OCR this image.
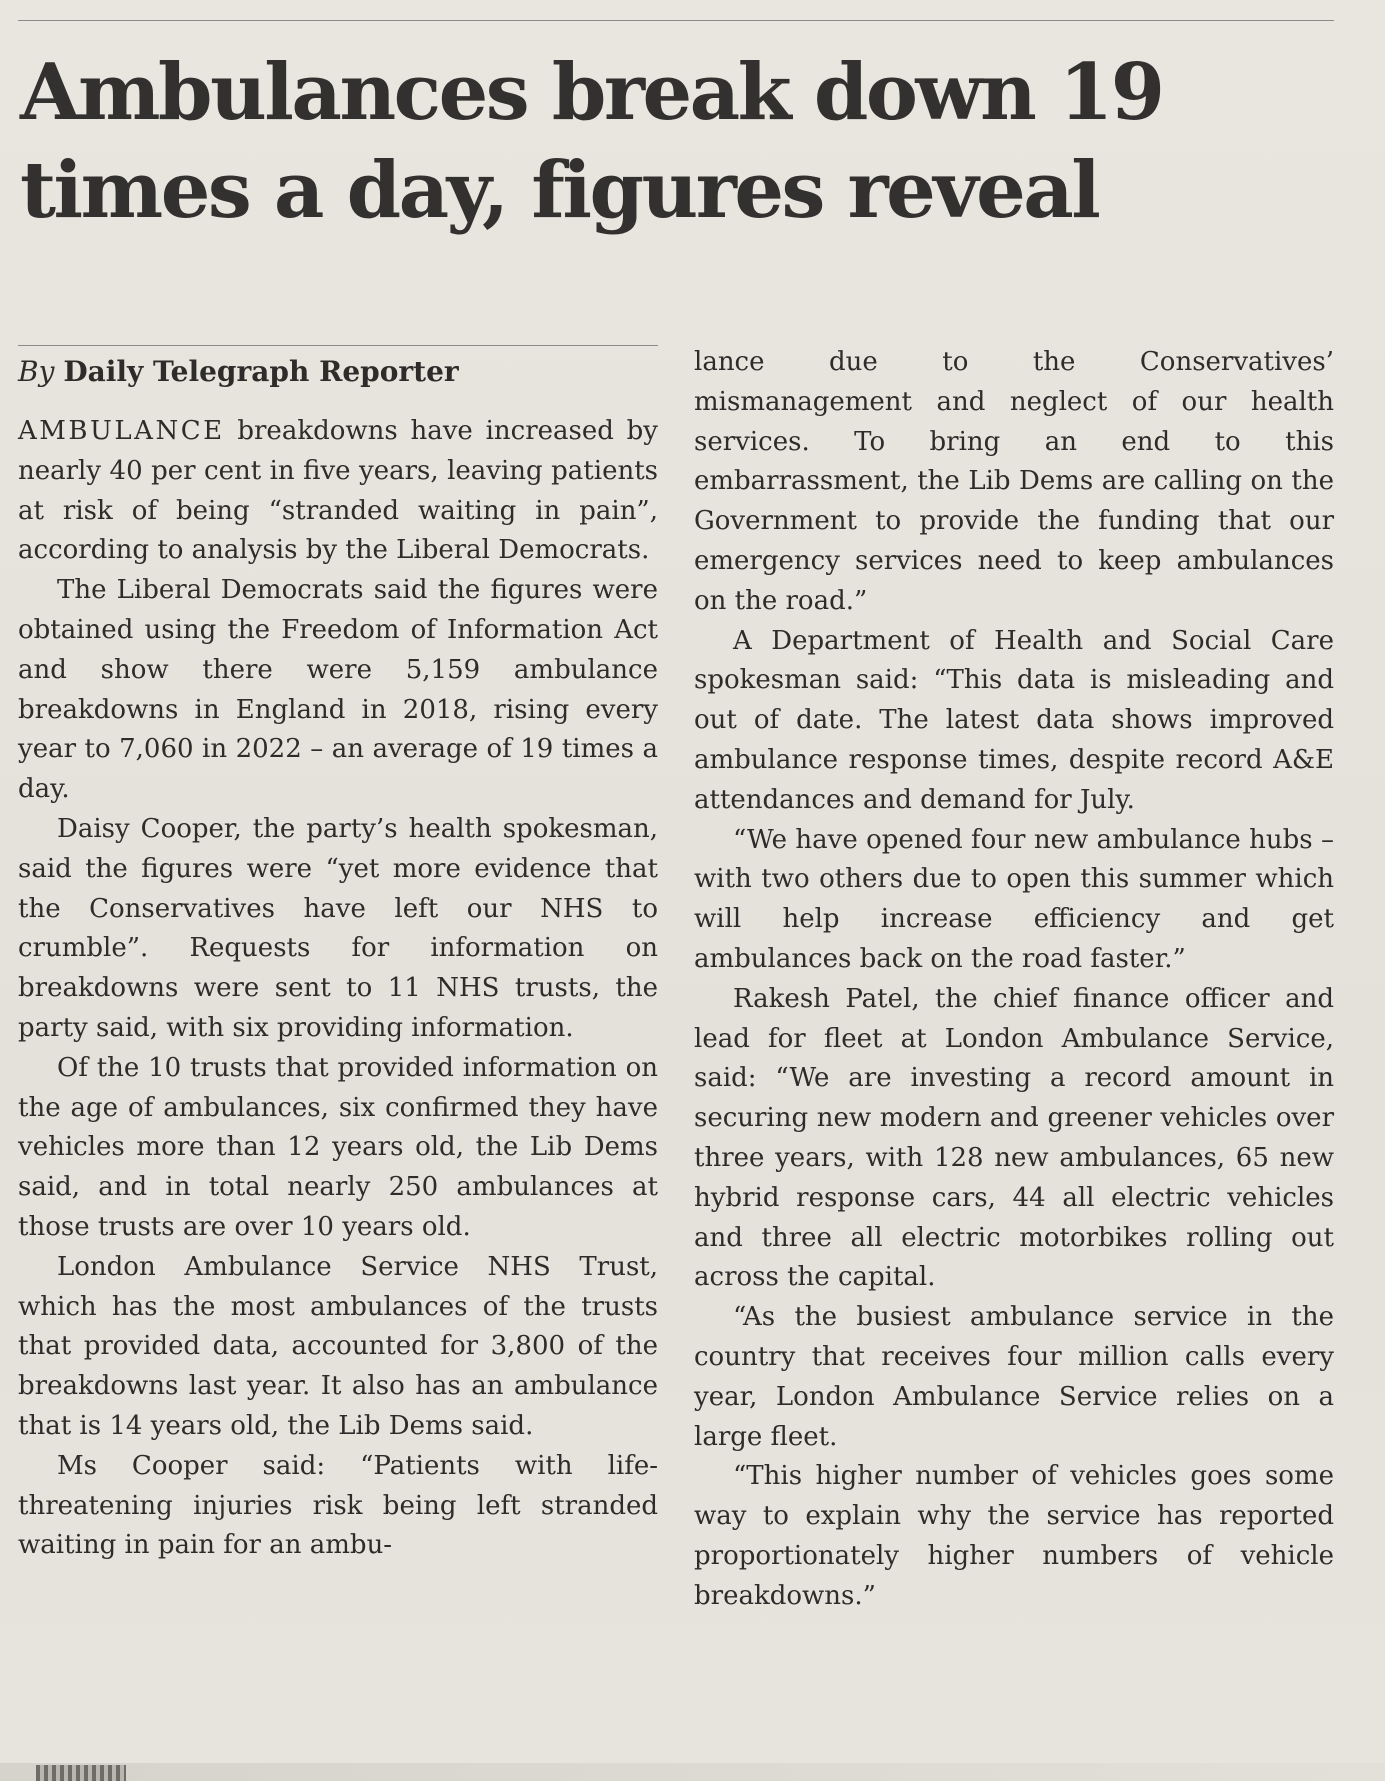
Ambulances break down 19
times a day, figures reveal
By Daily Telegraph Reporter

AMBULANCE breakdowns have increased by nearly 40 per cent in five years, leaving patients at risk of being “stranded waiting in pain”, according to analysis by the Liberal Democrats.

The Liberal Democrats said the figures were obtained using the Freedom of Information Act and show there were 5,159 ambulance breakdowns in England in 2018, rising every year to 7,060 in 2022 – an average of 19 times a day.

Daisy Cooper, the party’s health spokesman, said the figures were “yet more evidence that the Conservatives have left our NHS to crumble”. Requests for information on breakdowns were sent to 11 NHS trusts, the party said, with six providing information.

Of the 10 trusts that provided information on the age of ambulances, six confirmed they have vehicles more than 12 years old, the Lib Dems said, and in total nearly 250 ambulances at those trusts are over 10 years old.

London Ambulance Service NHS Trust, which has the most ambulances of the trusts that provided data, accounted for 3,800 of the breakdowns last year. It also has an ambulance that is 14 years old, the Lib Dems said.

Ms Cooper said: “Patients with life-threatening injuries risk being left stranded waiting in pain for an ambu-

lance due to the Conservatives’ mismanagement and neglect of our health services. To bring an end to this embarrassment, the Lib Dems are calling on the Government to provide the funding that our emergency services need to keep ambulances on the road.”

A Department of Health and Social Care spokesman said: “This data is misleading and out of date. The latest data shows improved ambulance response times, despite record A&E attendances and demand for July.

“We have opened four new ambulance hubs – with two others due to open this summer which will help increase efficiency and get ambulances back on the road faster.”

Rakesh Patel, the chief finance officer and lead for fleet at London Ambulance Service, said: “We are investing a record amount in securing new modern and greener vehicles over three years, with 128 new ambulances, 65 new hybrid response cars, 44 all electric vehicles and three all electric motorbikes rolling out across the capital.

“As the busiest ambulance service in the country that receives four million calls every year, London Ambulance Service relies on a large fleet.

“This higher number of vehicles goes some way to explain why the service has reported proportionately higher numbers of vehicle breakdowns.”
